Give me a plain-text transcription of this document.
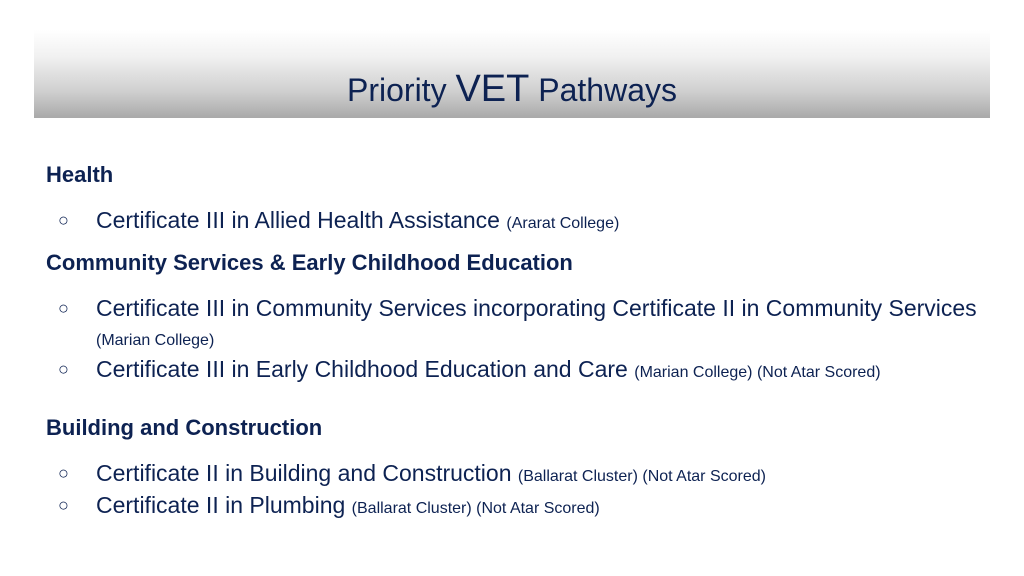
Priority VET Pathways
Health
○ Certificate III in Allied Health Assistance (Ararat College)
Community Services & Early Childhood Education
○ Certificate III in Community Services incorporating Certificate II in Community Services (Marian College)
○ Certificate III in Early Childhood Education and Care (Marian College) (Not Atar Scored)
Building and Construction
○ Certificate II in Building and Construction (Ballarat Cluster) (Not Atar Scored)
○ Certificate II in Plumbing (Ballarat Cluster) (Not Atar Scored)
